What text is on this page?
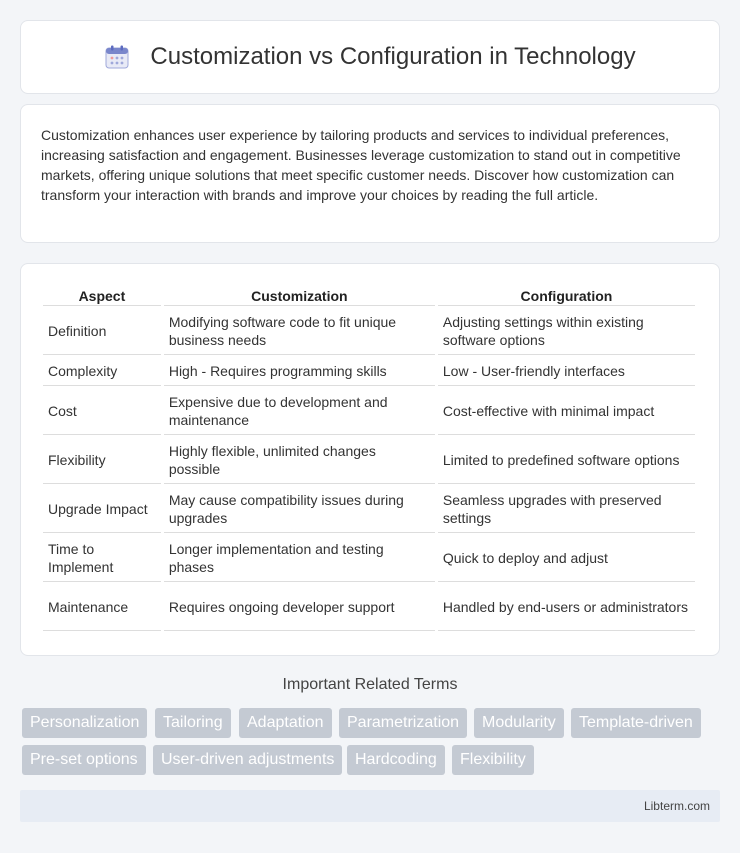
Customization vs Configuration in Technology

Customization enhances user experience by tailoring products and services to individual preferences, increasing satisfaction and engagement. Businesses leverage customization to stand out in competitive markets, offering unique solutions that meet specific customer needs. Discover how customization can transform your interaction with brands and improve your choices by reading the full article.

Aspect	Customization	Configuration
Definition	Modifying software code to fit unique business needs	Adjusting settings within existing software options
Complexity	High - Requires programming skills	Low - User-friendly interfaces
Cost	Expensive due to development and maintenance	Cost-effective with minimal impact
Flexibility	Highly flexible, unlimited changes possible	Limited to predefined software options
Upgrade Impact	May cause compatibility issues during upgrades	Seamless upgrades with preserved settings
Time to Implement	Longer implementation and testing phases	Quick to deploy and adjust
Maintenance	Requires ongoing developer support	Handled by end-users or administrators
Important Related Terms
Personalization	Tailoring	Adaptation	Parametrization	Modularity	Template-driven
Pre-set options	User-driven adjustments	Hardcoding	Flexibility
Libterm.com
